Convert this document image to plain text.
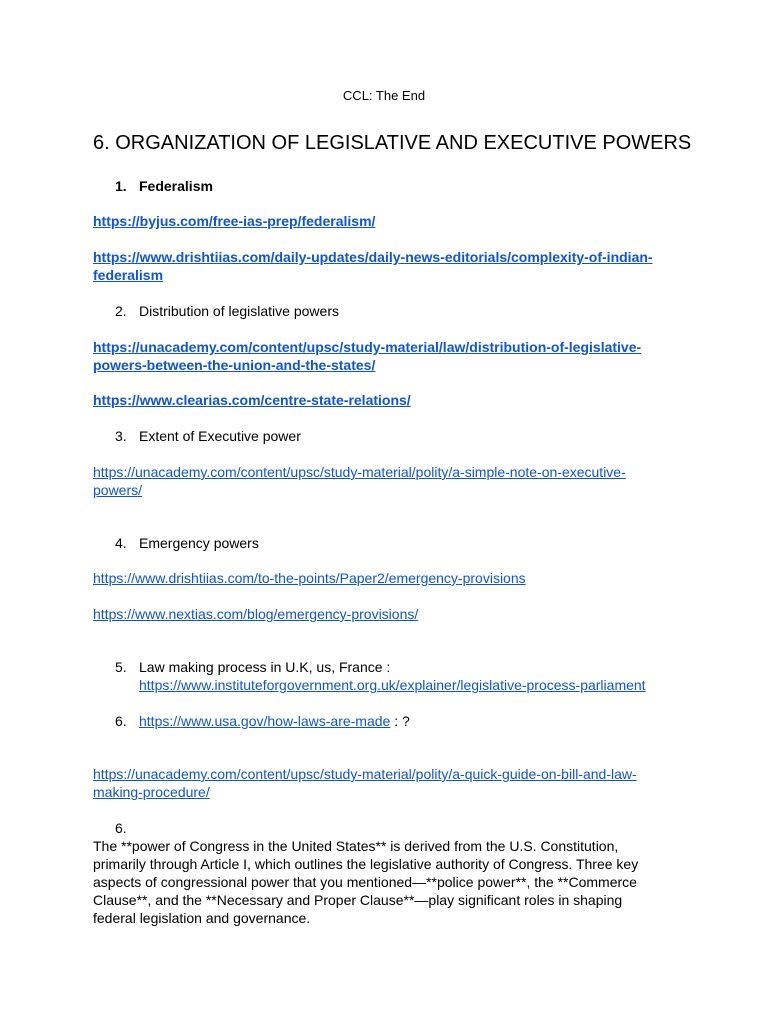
CCL: The End
6. ORGANIZATION OF LEGISLATIVE AND EXECUTIVE POWERS
1. Federalism
https://byjus.com/free-ias-prep/federalism/
https://www.drishtiias.com/daily-updates/daily-news-editorials/complexity-of-indian-federalism
2. Distribution of legislative powers
https://unacademy.com/content/upsc/study-material/law/distribution-of-legislative-powers-between-the-union-and-the-states/
https://www.clearias.com/centre-state-relations/
3. Extent of Executive power
https://unacademy.com/content/upsc/study-material/polity/a-simple-note-on-executive-powers/
4. Emergency powers
https://www.drishtiias.com/to-the-points/Paper2/emergency-provisions
https://www.nextias.com/blog/emergency-provisions/
5. Law making process in U.K, us, France :
https://www.instituteforgovernment.org.uk/explainer/legislative-process-parliament
6. https://www.usa.gov/how-laws-are-made : ?
https://unacademy.com/content/upsc/study-material/polity/a-quick-guide-on-bill-and-law-making-procedure/
6.
The **power of Congress in the United States** is derived from the U.S. Constitution, primarily through Article I, which outlines the legislative authority of Congress. Three key aspects of congressional power that you mentioned—**police power**, the **Commerce Clause**, and the **Necessary and Proper Clause**—play significant roles in shaping federal legislation and governance.
